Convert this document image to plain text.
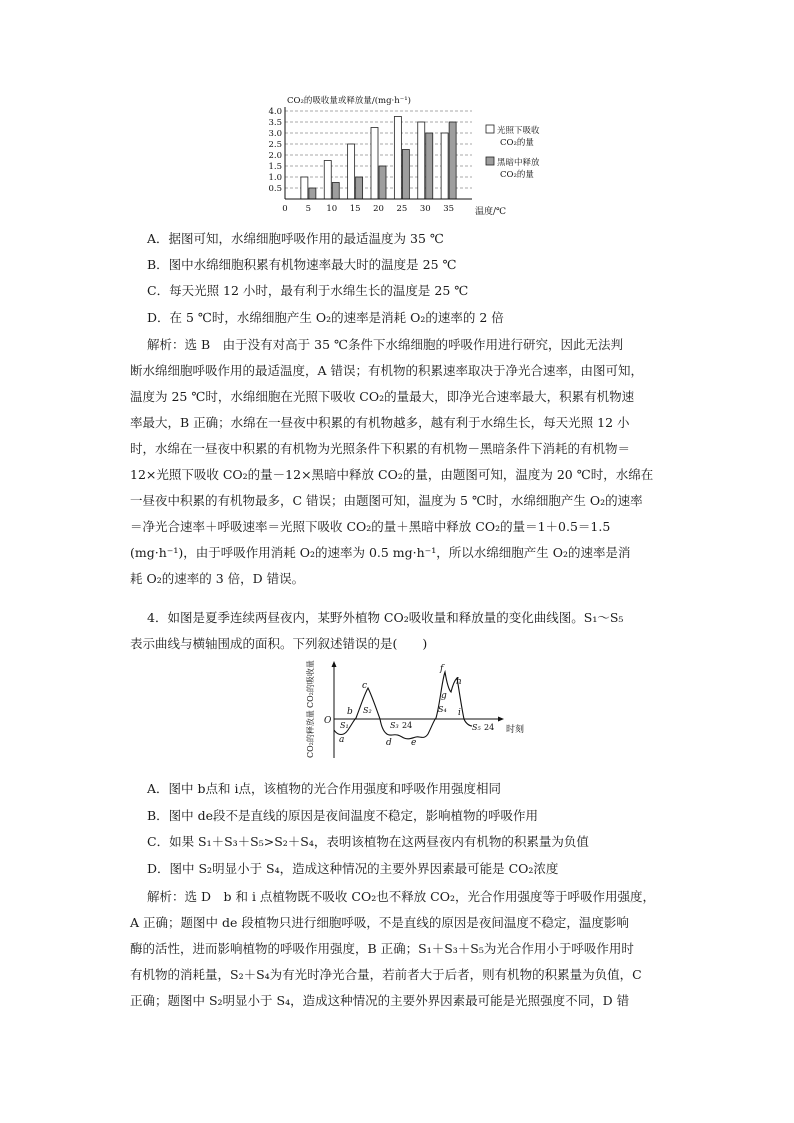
CO₂的吸收量或释放量/(mg·h⁻¹)
0.5
1.0
1.5
2.0
2.5
3.0
3.5
4.0
0 5 10 15 20 25 30 35 温度/℃
光照下吸收
CO₂的量
黑暗中释放
CO₂的量
A．据图可知，水绵细胞呼吸作用的最适温度为 35 ℃
B．图中水绵细胞积累有机物速率最大时的温度是 25 ℃
C．每天光照 12 小时，最有利于水绵生长的温度是 25 ℃
D．在 5 ℃时，水绵细胞产生 O₂的速率是消耗 O₂的速率的 2 倍
解析：选 B　由于没有对高于 35 ℃条件下水绵细胞的呼吸作用进行研究，因此无法判
断水绵细胞呼吸作用的最适温度，A 错误；有机物的积累速率取决于净光合速率，由图可知，
温度为 25 ℃时，水绵细胞在光照下吸收 CO₂的量最大，即净光合速率最大，积累有机物速
率最大，B 正确；水绵在一昼夜中积累的有机物越多，越有利于水绵生长，每天光照 12 小
时，水绵在一昼夜中积累的有机物为光照条件下积累的有机物－黑暗条件下消耗的有机物＝
12×光照下吸收 CO₂的量－12×黑暗中释放 CO₂的量，由题图可知，温度为 20 ℃时，水绵在
一昼夜中积累的有机物最多，C 错误；由题图可知，温度为 5 ℃时，水绵细胞产生 O₂的速率
＝净光合速率＋呼吸速率＝光照下吸收 CO₂的量＋黑暗中释放 CO₂的量＝1＋0.5＝1.5
(mg·h⁻¹)，由于呼吸作用消耗 O₂的速率为 0.5 mg·h⁻¹，所以水绵细胞产生 O₂的速率是消
耗 O₂的速率的 3 倍，D 错误。
4．如图是夏季连续两昼夜内，某野外植物 CO₂吸收量和释放量的变化曲线图。S₁～S₅
表示曲线与横轴围成的面积。下列叙述错误的是(　　)
CO₂的吸收量
CO₂的释放量 O
时刻
a
b
c
d e
f
g
h
i
S₁
S₂
S₃ 24
S₄
S₅ 24
A．图中 b点和 i点，该植物的光合作用强度和呼吸作用强度相同
B．图中 de段不是直线的原因是夜间温度不稳定，影响植物的呼吸作用
C．如果 S₁＋S₃＋S₅>S₂＋S₄，表明该植物在这两昼夜内有机物的积累量为负值
D．图中 S₂明显小于 S₄，造成这种情况的主要外界因素最可能是 CO₂浓度
解析：选 D　b 和 i 点植物既不吸收 CO₂也不释放 CO₂，光合作用强度等于呼吸作用强度，
A 正确；题图中 de 段植物只进行细胞呼吸，不是直线的原因是夜间温度不稳定，温度影响
酶的活性，进而影响植物的呼吸作用强度，B 正确；S₁＋S₃＋S₅为光合作用小于呼吸作用时
有机物的消耗量，S₂＋S₄为有光时净光合量，若前者大于后者，则有机物的积累量为负值，C
正确；题图中 S₂明显小于 S₄，造成这种情况的主要外界因素最可能是光照强度不同，D 错
